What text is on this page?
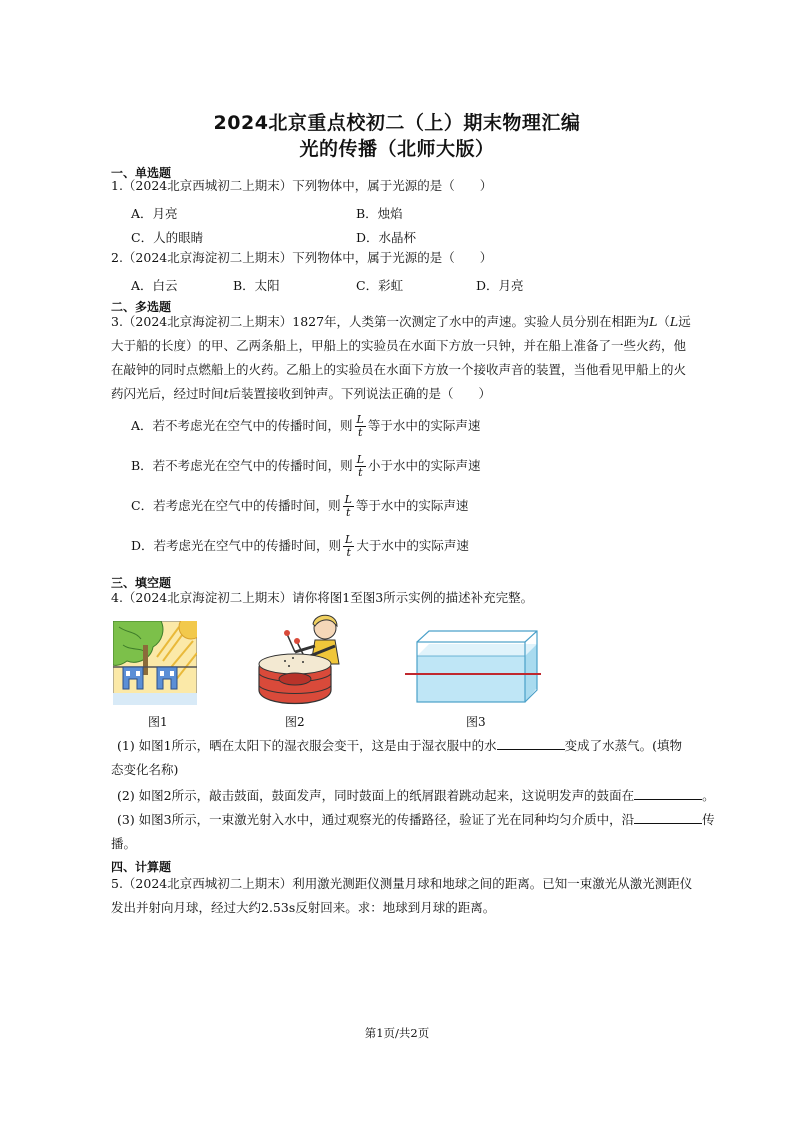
2024北京重点校初二（上）期末物理汇编
光的传播（北师大版）
一、单选题
1.（2024北京西城初二上期末）下列物体中，属于光源的是（　　）
A．月亮	B．烛焰
C．人的眼睛	D．水晶杯
2.（2024北京海淀初二上期末）下列物体中，属于光源的是（　　）
A．白云	B．太阳	C．彩虹	D．月亮
二、多选题
3.（2024北京海淀初二上期末）1827年，人类第一次测定了水中的声速。实验人员分别在相距为L（L远
大于船的长度）的甲、乙两条船上，甲船上的实验员在水面下方放一只钟，并在船上准备了一些火药，他
在敲钟的同时点燃船上的火药。乙船上的实验员在水面下方放一个接收声音的装置，当他看见甲船上的火
药闪光后，经过时间t后装置接收到钟声。下列说法正确的是（　　）
A．若不考虑光在空气中的传播时间，则 $\frac{L}{t}$ 等于水中的实际声速
B．若不考虑光在空气中的传播时间，则 $\frac{L}{t}$ 小于水中的实际声速
C．若考虑光在空气中的传播时间，则 $\frac{L}{t}$ 等于水中的实际声速
D．若考虑光在空气中的传播时间，则 $\frac{L}{t}$ 大于水中的实际声速
三、填空题
4.（2024北京海淀初二上期末）请你将图1至图3所示实例的描述补充完整。
图1	图2	图3
(1) 如图1所示，晒在太阳下的湿衣服会变干，这是由于湿衣服中的水	变成了水蒸气。(填物
态变化名称)
(2) 如图2所示，敲击鼓面，鼓面发声，同时鼓面上的纸屑跟着跳动起来，这说明发声的鼓面在	。
(3) 如图3所示，一束激光射入水中，通过观察光的传播路径，验证了光在同种均匀介质中，沿	传
播。
四、计算题
5.（2024北京西城初二上期末）利用激光测距仪测量月球和地球之间的距离。已知一束激光从激光测距仪
发出并射向月球，经过大约2.53s反射回来。求：地球到月球的距离。
第1页/共2页
